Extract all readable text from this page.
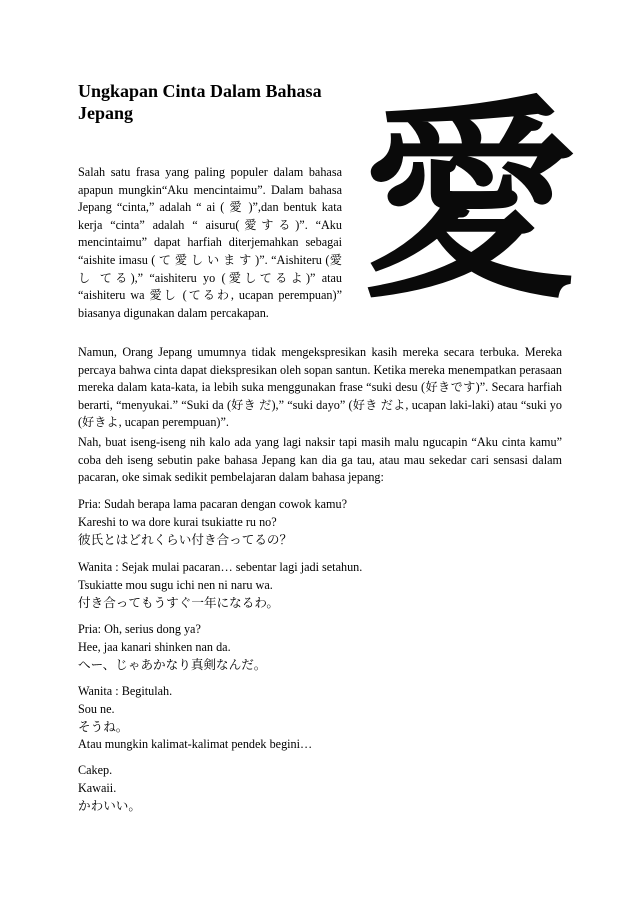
Ungkapan Cinta Dalam Bahasa Jepang	愛

Salah satu frasa yang paling populer dalam bahasa apapun mungkin“Aku mencintaimu”. Dalam bahasa Jepang “cinta,” adalah “ ai ( 愛 )”,dan bentuk kata kerja “cinta” adalah “ aisuru(愛する)”. “Aku mencintaimu” dapat harfiah diterjemahkan sebagai “aishite imasu ( て 愛 し い ま す )”. “Aishiteru (愛し てる),” “aishiteru yo (愛してるよ)” atau “aishiteru wa 愛し (てるわ, ucapan perempuan)” biasanya digunakan dalam percakapan.

Namun, Orang Jepang umumnya tidak mengekspresikan kasih mereka secara terbuka. Mereka percaya bahwa cinta dapat diekspresikan oleh sopan santun. Ketika mereka menempatkan perasaan mereka dalam kata-kata, ia lebih suka menggunakan frase “suki desu (好きです)”. Secara harfiah berarti, “menyukai.” “Suki da (好き だ),” “suki dayo” (好き だよ, ucapan laki-laki) atau “suki yo (好きよ, ucapan perempuan)”.

Nah, buat iseng-iseng nih kalo ada yang lagi naksir tapi masih malu ngucapin “Aku cinta kamu” coba deh iseng sebutin pake bahasa Jepang kan dia ga tau, atau mau sekedar cari sensasi dalam pacaran, oke simak sedikit pembelajaran dalam bahasa jepang:

Pria: Sudah berapa lama pacaran dengan cowok kamu?
Kareshi to wa dore kurai tsukiatte ru no?
彼氏とはどれくらい付き合ってるの？
Wanita : Sejak mulai pacaran… sebentar lagi jadi setahun.
Tsukiatte mou sugu ichi nen ni naru wa.
付き合ってもうすぐ一年になるわ。
Pria: Oh, serius dong ya?
Hee, jaa kanari shinken nan da.
へー、じゃあかなり真剣なんだ。
Wanita : Begitulah.
Sou ne.
そうね。
Atau mungkin kalimat-kalimat pendek begini…
Cakep.
Kawaii.
かわいい。
